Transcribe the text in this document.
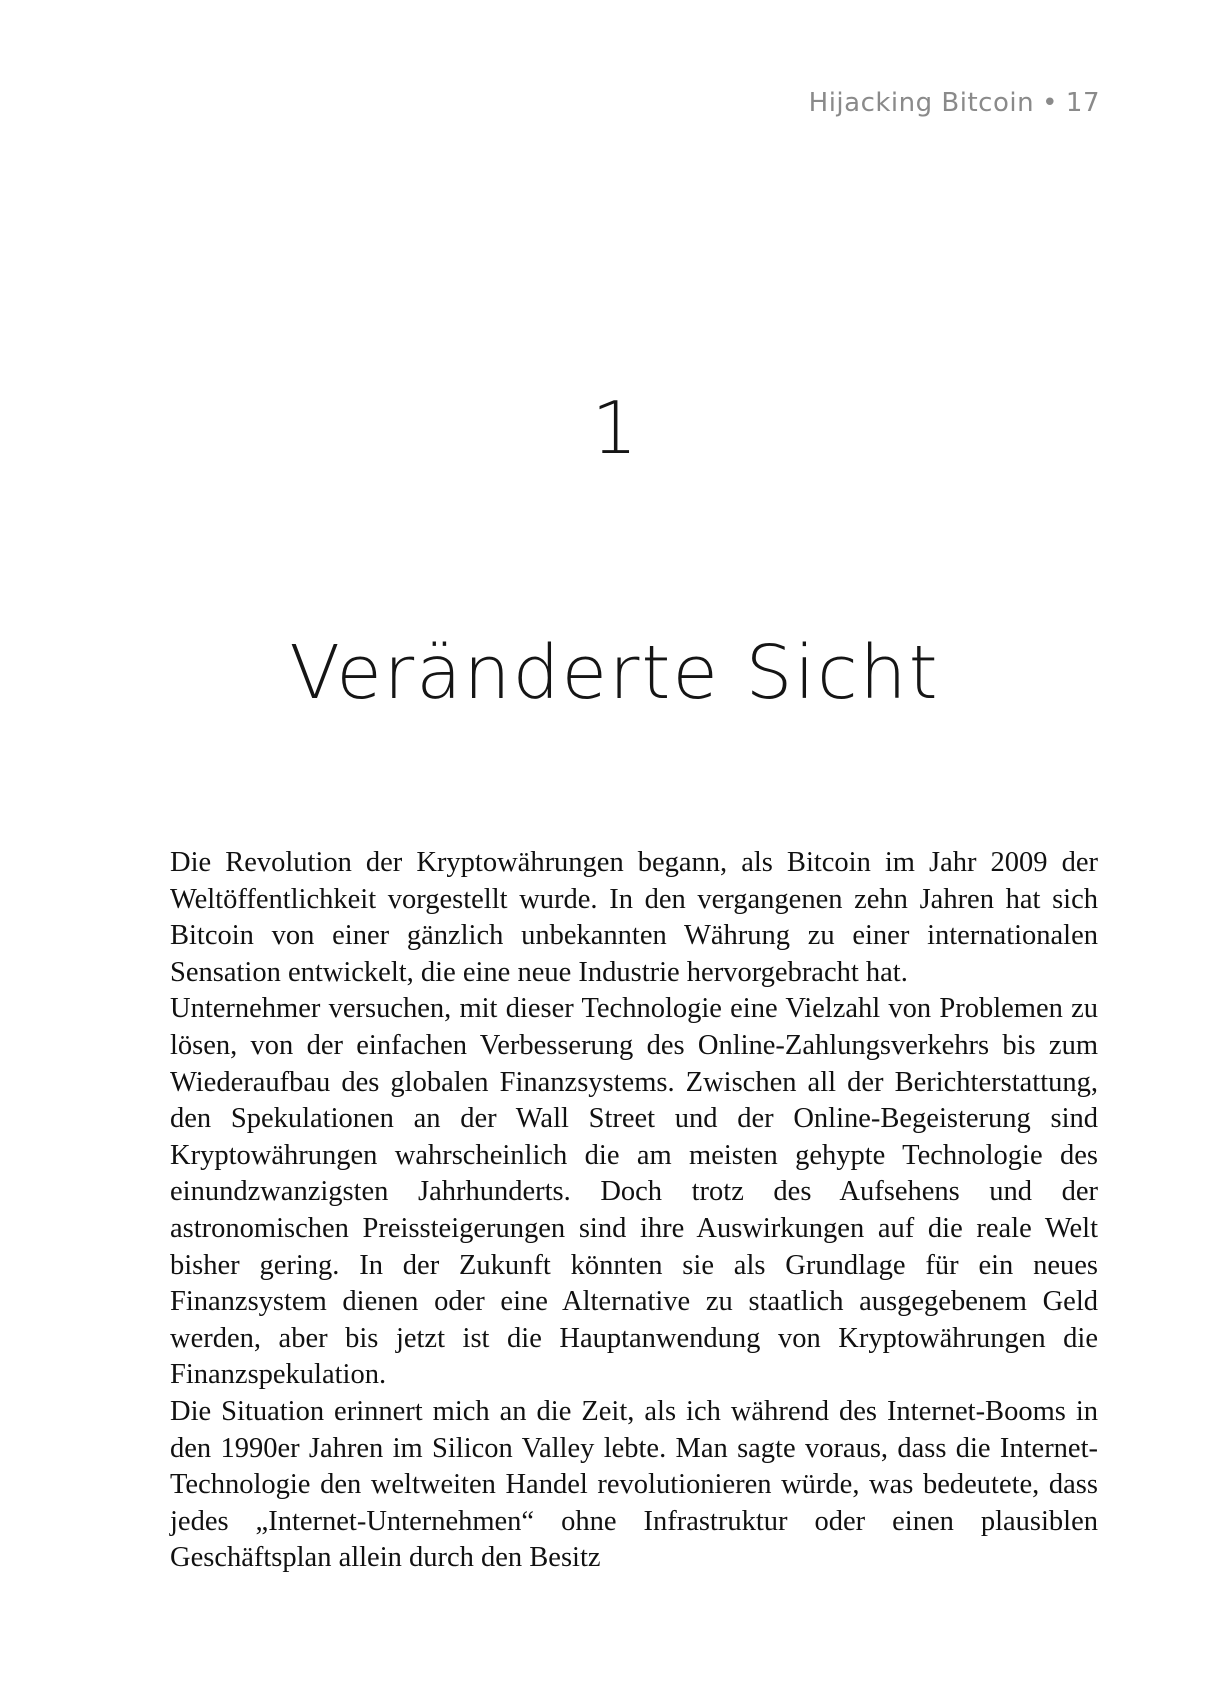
Hijacking Bitcoin • 17
1
Veränderte Sicht

Die Revolution der Kryptowährungen begann, als Bitcoin im Jahr 2009 der Weltöffentlichkeit vorgestellt wurde. In den vergangenen zehn Jahren hat sich Bitcoin von einer gänzlich unbekannten Währung zu einer internationalen Sensation entwickelt, die eine neue Industrie hervorgebracht hat.

Unternehmer versuchen, mit dieser Technologie eine Vielzahl von Problemen zu lösen, von der einfachen Verbesserung des Online-Zahlungsverkehrs bis zum Wiederaufbau des globalen Finanzsystems. Zwischen all der Berichterstattung, den Spekulationen an der Wall Street und der Online-Begeisterung sind Kryptowährungen wahrscheinlich die am meisten gehypte Technologie des einundzwanzigsten Jahrhunderts. Doch trotz des Aufsehens und der astronomischen Preissteigerungen sind ihre Auswirkungen auf die reale Welt bisher gering. In der Zukunft könnten sie als Grundlage für ein neues Finanzsystem dienen oder eine Alternative zu staatlich ausgegebenem Geld werden, aber bis jetzt ist die Hauptanwendung von Kryptowährungen die Finanzspekulation.

Die Situation erinnert mich an die Zeit, als ich während des Internet-Booms in den 1990er Jahren im Silicon Valley lebte. Man sagte voraus, dass die Internet-Technologie den weltweiten Handel revolutionieren würde, was bedeutete, dass jedes „Internet-Unternehmen“ ohne Infrastruktur oder einen plausiblen Geschäftsplan allein durch den Besitz
